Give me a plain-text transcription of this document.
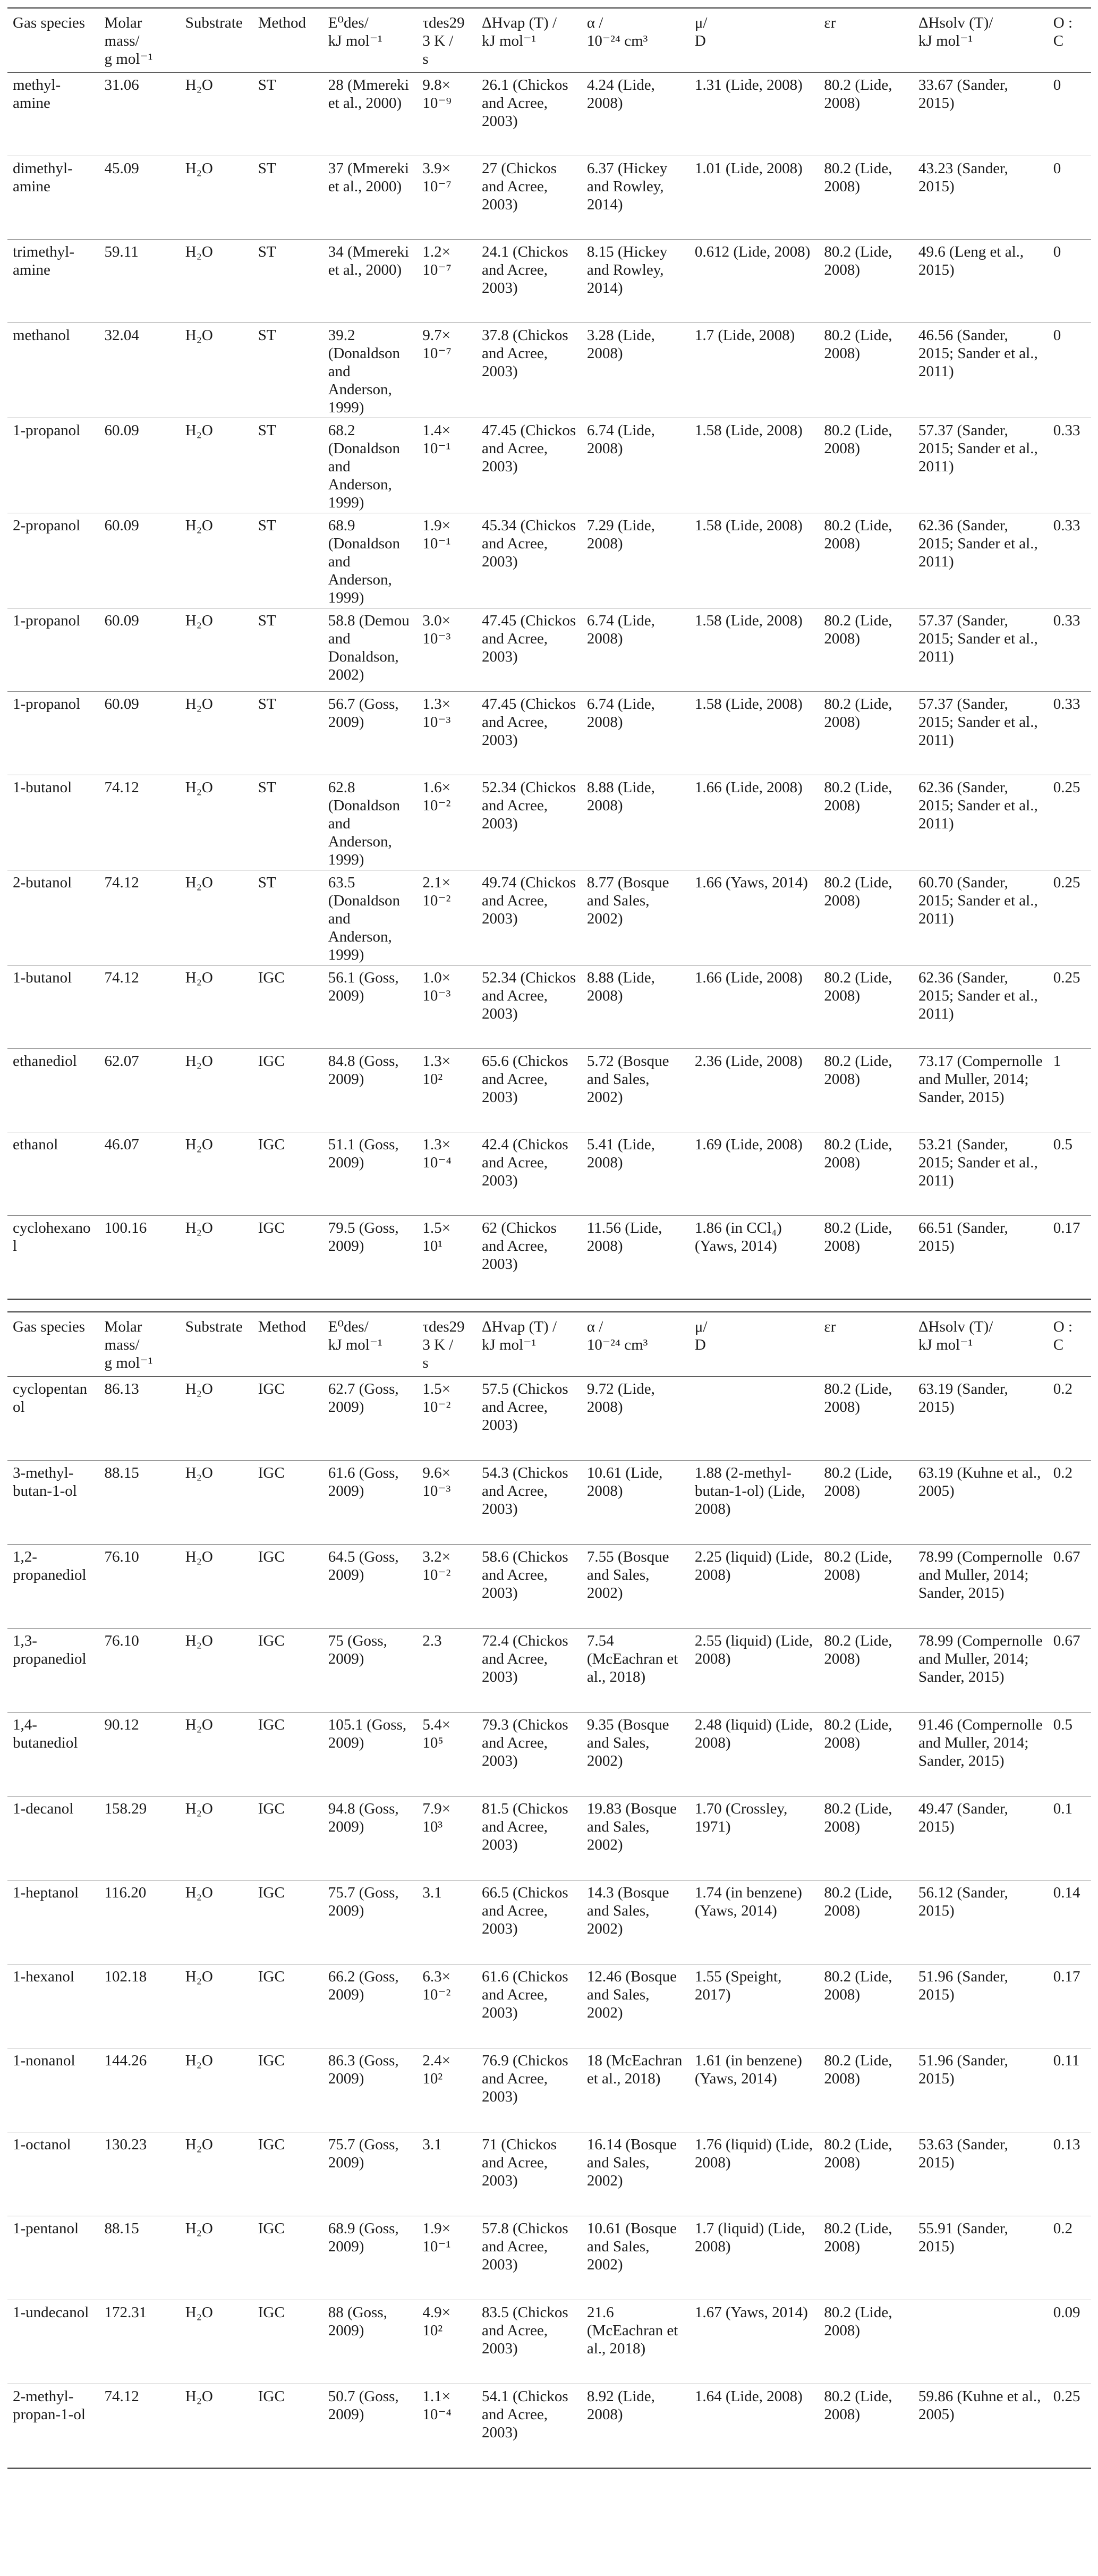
Gas species	Molar
mass/
g mol⁻¹	Substrate	Method	E⁰des/
kJ mol⁻¹	τdes293 K /
s	ΔHvap (T) /
kJ mol⁻¹	α /
10⁻²⁴ cm³	μ/
D	εr	ΔHsolv (T)/
kJ mol⁻¹	O : C
methyl-amine	31.06	H₂O	ST	28 (Mmereki et al., 2000)	9.8×
10⁻⁹	26.1 (Chickos and Acree, 2003)	4.24 (Lide, 2008)	1.31 (Lide, 2008)	80.2 (Lide, 2008)	33.67 (Sander, 2015)	0
dimethyl-amine	45.09	H₂O	ST	37 (Mmereki et al., 2000)	3.9×
10⁻⁷	27 (Chickos and Acree, 2003)	6.37 (Hickey and Rowley, 2014)	1.01 (Lide, 2008)	80.2 (Lide, 2008)	43.23 (Sander, 2015)	0
trimethyl-amine	59.11	H₂O	ST	34 (Mmereki et al., 2000)	1.2×
10⁻⁷	24.1 (Chickos and Acree, 2003)	8.15 (Hickey and Rowley, 2014)	0.612 (Lide, 2008)	80.2 (Lide, 2008)	49.6 (Leng et al., 2015)	0
methanol	32.04	H₂O	ST	39.2 (Donaldson and Anderson, 1999)	9.7×
10⁻⁷	37.8 (Chickos and Acree, 2003)	3.28 (Lide, 2008)	1.7 (Lide, 2008)	80.2 (Lide, 2008)	46.56 (Sander, 2015; Sander et al., 2011)	0
1-propanol	60.09	H₂O	ST	68.2 (Donaldson and Anderson, 1999)	1.4×
10⁻¹	47.45 (Chickos and Acree, 2003)	6.74 (Lide, 2008)	1.58 (Lide, 2008)	80.2 (Lide, 2008)	57.37 (Sander, 2015; Sander et al., 2011)	0.33
2-propanol	60.09	H₂O	ST	68.9 (Donaldson and Anderson, 1999)	1.9×
10⁻¹	45.34 (Chickos and Acree, 2003)	7.29 (Lide, 2008)	1.58 (Lide, 2008)	80.2 (Lide, 2008)	62.36 (Sander, 2015; Sander et al., 2011)	0.33
1-propanol	60.09	H₂O	ST	58.8 (Demou and Donaldson, 2002)	3.0×
10⁻³	47.45 (Chickos and Acree, 2003)	6.74 (Lide, 2008)	1.58 (Lide, 2008)	80.2 (Lide, 2008)	57.37 (Sander, 2015; Sander et al., 2011)	0.33
1-propanol	60.09	H₂O	ST	56.7 (Goss, 2009)	1.3×
10⁻³	47.45 (Chickos and Acree, 2003)	6.74 (Lide, 2008)	1.58 (Lide, 2008)	80.2 (Lide, 2008)	57.37 (Sander, 2015; Sander et al., 2011)	0.33
1-butanol	74.12	H₂O	ST	62.8 (Donaldson and Anderson, 1999)	1.6×
10⁻²	52.34 (Chickos and Acree, 2003)	8.88 (Lide, 2008)	1.66 (Lide, 2008)	80.2 (Lide, 2008)	62.36 (Sander, 2015; Sander et al., 2011)	0.25
2-butanol	74.12	H₂O	ST	63.5 (Donaldson and Anderson, 1999)	2.1×
10⁻²	49.74 (Chickos and Acree, 2003)	8.77 (Bosque and Sales, 2002)	1.66 (Yaws, 2014)	80.2 (Lide, 2008)	60.70 (Sander, 2015; Sander et al., 2011)	0.25
1-butanol	74.12	H₂O	IGC	56.1 (Goss, 2009)	1.0×
10⁻³	52.34 (Chickos and Acree, 2003)	8.88 (Lide, 2008)	1.66 (Lide, 2008)	80.2 (Lide, 2008)	62.36 (Sander, 2015; Sander et al., 2011)	0.25
ethanediol	62.07	H₂O	IGC	84.8 (Goss, 2009)	1.3×
10²	65.6 (Chickos and Acree, 2003)	5.72 (Bosque and Sales, 2002)	2.36 (Lide, 2008)	80.2 (Lide, 2008)	73.17 (Compernolle and Muller, 2014; Sander, 2015)	1
ethanol	46.07	H₂O	IGC	51.1 (Goss, 2009)	1.3×
10⁻⁴	42.4 (Chickos and Acree, 2003)	5.41 (Lide, 2008)	1.69 (Lide, 2008)	80.2 (Lide, 2008)	53.21 (Sander, 2015; Sander et al., 2011)	0.5
cyclohexanol	100.16	H₂O	IGC	79.5 (Goss, 2009)	1.5×
10¹	62 (Chickos and Acree, 2003)	11.56 (Lide, 2008)	1.86 (in CCl₄) (Yaws, 2014)	80.2 (Lide, 2008)	66.51 (Sander, 2015)	0.17
Gas species	Molar
mass/
g mol⁻¹	Substrate	Method	E⁰des/
kJ mol⁻¹	τdes293 K /
s	ΔHvap (T) /
kJ mol⁻¹	α /
10⁻²⁴ cm³	μ/
D	εr	ΔHsolv (T)/
kJ mol⁻¹	O : C
cyclopentanol	86.13	H₂O	IGC	62.7 (Goss, 2009)	1.5×
10⁻²	57.5 (Chickos and Acree, 2003)	9.72 (Lide, 2008)		80.2 (Lide, 2008)	63.19 (Sander, 2015)	0.2
3-methyl-butan-1-ol	88.15	H₂O	IGC	61.6 (Goss, 2009)	9.6×
10⁻³	54.3 (Chickos and Acree, 2003)	10.61 (Lide, 2008)	1.88 (2-methyl-butan-1-ol) (Lide, 2008)	80.2 (Lide, 2008)	63.19 (Kuhne et al., 2005)	0.2
1,2-propanediol	76.10	H₂O	IGC	64.5 (Goss, 2009)	3.2×
10⁻²	58.6 (Chickos and Acree, 2003)	7.55 (Bosque and Sales, 2002)	2.25 (liquid) (Lide, 2008)	80.2 (Lide, 2008)	78.99 (Compernolle and Muller, 2014; Sander, 2015)	0.67
1,3-propanediol	76.10	H₂O	IGC	75 (Goss, 2009)	2.3	72.4 (Chickos and Acree, 2003)	7.54 (McEachran et al., 2018)	2.55 (liquid) (Lide, 2008)	80.2 (Lide, 2008)	78.99 (Compernolle and Muller, 2014; Sander, 2015)	0.67
1,4-butanediol	90.12	H₂O	IGC	105.1 (Goss, 2009)	5.4×
10⁵	79.3 (Chickos and Acree, 2003)	9.35 (Bosque and Sales, 2002)	2.48 (liquid) (Lide, 2008)	80.2 (Lide, 2008)	91.46 (Compernolle and Muller, 2014; Sander, 2015)	0.5
1-decanol	158.29	H₂O	IGC	94.8 (Goss, 2009)	7.9×
10³	81.5 (Chickos and Acree, 2003)	19.83 (Bosque and Sales, 2002)	1.70 (Crossley, 1971)	80.2 (Lide, 2008)	49.47 (Sander, 2015)	0.1
1-heptanol	116.20	H₂O	IGC	75.7 (Goss, 2009)	3.1	66.5 (Chickos and Acree, 2003)	14.3 (Bosque and Sales, 2002)	1.74 (in benzene) (Yaws, 2014)	80.2 (Lide, 2008)	56.12 (Sander, 2015)	0.14
1-hexanol	102.18	H₂O	IGC	66.2 (Goss, 2009)	6.3×
10⁻²	61.6 (Chickos and Acree, 2003)	12.46 (Bosque and Sales, 2002)	1.55 (Speight, 2017)	80.2 (Lide, 2008)	51.96 (Sander, 2015)	0.17
1-nonanol	144.26	H₂O	IGC	86.3 (Goss, 2009)	2.4×
10²	76.9 (Chickos and Acree, 2003)	18 (McEachran et al., 2018)	1.61 (in benzene) (Yaws, 2014)	80.2 (Lide, 2008)	51.96 (Sander, 2015)	0.11
1-octanol	130.23	H₂O	IGC	75.7 (Goss, 2009)	3.1	71 (Chickos and Acree, 2003)	16.14 (Bosque and Sales, 2002)	1.76 (liquid) (Lide, 2008)	80.2 (Lide, 2008)	53.63 (Sander, 2015)	0.13
1-pentanol	88.15	H₂O	IGC	68.9 (Goss, 2009)	1.9×
10⁻¹	57.8 (Chickos and Acree, 2003)	10.61 (Bosque and Sales, 2002)	1.7 (liquid) (Lide, 2008)	80.2 (Lide, 2008)	55.91 (Sander, 2015)	0.2
1-undecanol	172.31	H₂O	IGC	88 (Goss, 2009)	4.9×
10²	83.5 (Chickos and Acree, 2003)	21.6 (McEachran et al., 2018)	1.67 (Yaws, 2014)	80.2 (Lide, 2008)		0.09
2-methyl-propan-1-ol	74.12	H₂O	IGC	50.7 (Goss, 2009)	1.1×
10⁻⁴	54.1 (Chickos and Acree, 2003)	8.92 (Lide, 2008)	1.64 (Lide, 2008)	80.2 (Lide, 2008)	59.86 (Kuhne et al., 2005)	0.25
